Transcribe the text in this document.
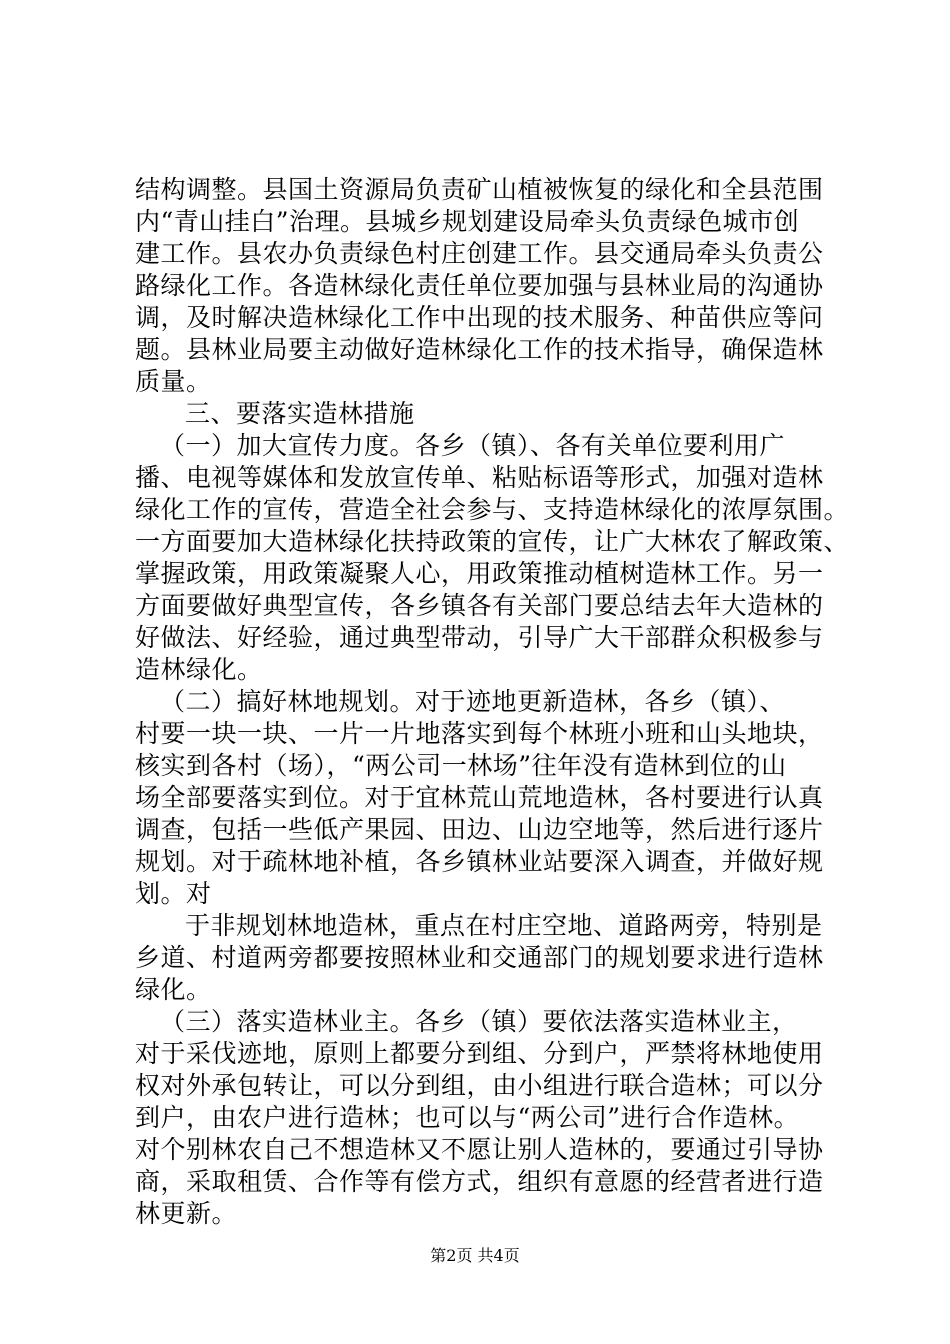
结构调整。县国土资源局负责矿山植被恢复的绿化和全县范围
内“青山挂白”治理。县城乡规划建设局牵头负责绿色城市创
建工作。县农办负责绿色村庄创建工作。县交通局牵头负责公
路绿化工作。各造林绿化责任单位要加强与县林业局的沟通协
调，及时解决造林绿化工作中出现的技术服务、种苗供应等问
题。县林业局要主动做好造林绿化工作的技术指导，确保造林
质量。
三、要落实造林措施
（一）加大宣传力度。各乡（镇）、各有关单位要利用广
播、电视等媒体和发放宣传单、粘贴标语等形式，加强对造林
绿化工作的宣传，营造全社会参与、支持造林绿化的浓厚氛围。
一方面要加大造林绿化扶持政策的宣传，让广大林农了解政策、
掌握政策，用政策凝聚人心，用政策推动植树造林工作。另一
方面要做好典型宣传，各乡镇各有关部门要总结去年大造林的
好做法、好经验，通过典型带动，引导广大干部群众积极参与
造林绿化。
（二）搞好林地规划。对于迹地更新造林，各乡（镇）、
村要一块一块、一片一片地落实到每个林班小班和山头地块，
核实到各村（场），“两公司一林场”往年没有造林到位的山
场全部要落实到位。对于宜林荒山荒地造林，各村要进行认真
调查，包括一些低产果园、田边、山边空地等，然后进行逐片
规划。对于疏林地补植，各乡镇林业站要深入调查，并做好规
划。对
于非规划林地造林，重点在村庄空地、道路两旁，特别是
乡道、村道两旁都要按照林业和交通部门的规划要求进行造林
绿化。
（三）落实造林业主。各乡（镇）要依法落实造林业主，
对于采伐迹地，原则上都要分到组、分到户，严禁将林地使用
权对外承包转让，可以分到组，由小组进行联合造林；可以分
到户，由农户进行造林；也可以与“两公司”进行合作造林。
对个别林农自己不想造林又不愿让别人造林的，要通过引导协
商，采取租赁、合作等有偿方式，组织有意愿的经营者进行造
林更新。
第2页 共4页
